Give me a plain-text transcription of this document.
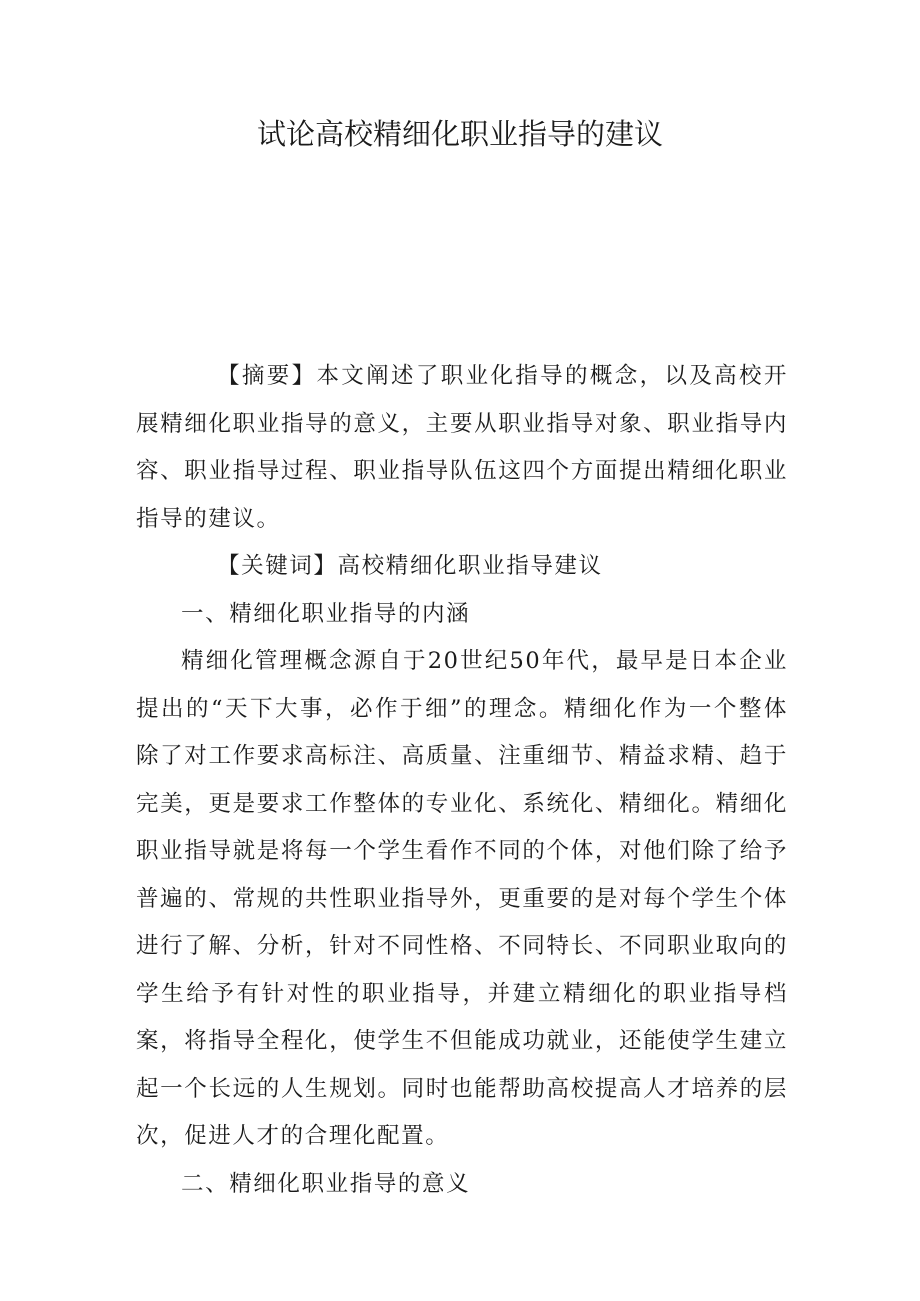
试论高校精细化职业指导的建议

【摘要】本文阐述了职业化指导的概念，以及高校开展精细化职业指导的意义，主要从职业指导对象、职业指导内容、职业指导过程、职业指导队伍这四个方面提出精细化职业指导的建议。

【关键词】高校精细化职业指导建议

一、精细化职业指导的内涵

精细化管理概念源自于20世纪50年代，最早是日本企业提出的“天下大事，必作于细”的理念。精细化作为一个整体除了对工作要求高标注、高质量、注重细节、精益求精、趋于完美，更是要求工作整体的专业化、系统化、精细化。精细化职业指导就是将每一个学生看作不同的个体，对他们除了给予普遍的、常规的共性职业指导外，更重要的是对每个学生个体进行了解、分析，针对不同性格、不同特长、不同职业取向的学生给予有针对性的职业指导，并建立精细化的职业指导档案，将指导全程化，使学生不但能成功就业，还能使学生建立起一个长远的人生规划。同时也能帮助高校提高人才培养的层次，促进人才的合理化配置。

二、精细化职业指导的意义
